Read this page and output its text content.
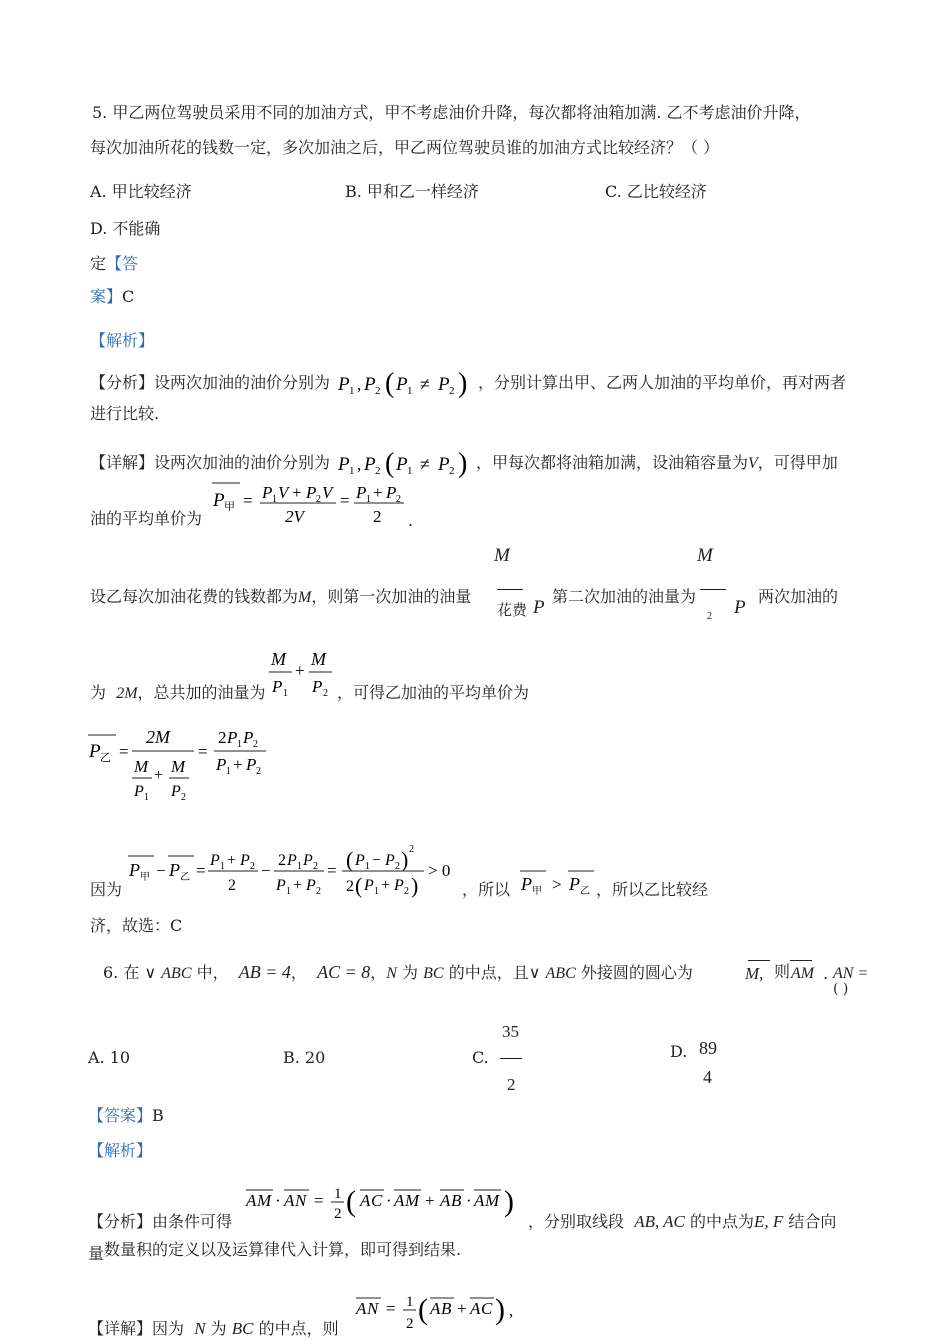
5. 甲乙两位驾驶员采用不同的加油方式，甲不考虑油价升降，每次都将油箱加满. 乙不考虑油价升降，
每次加油所花的钱数一定，多次加油之后，甲乙两位驾驶员谁的加油方式比较经济？（ ）
A. 甲比较经济	B. 甲和乙一样经济	C. 乙比较经济
D. 不能确
定【答
案】C
【解析】
【分析】设两次加油的油价分别为 P 1 , P 2 ( P 1 ≠ P 2 ) ，分别计算出甲、乙两人加油的平均单价，再对两者
进行比较.
【详解】设两次加油的油价分别为 P 1 , P 2 ( P 1 ≠ P 2 ) ，甲每次都将油箱加满，设油箱容量为V，可得甲加
油的平均单价为
P 甲 = P 1 V + P 2 V
2V
= P 1 + P 2
2 .
M	M
设乙每次加油花费的钱数都为M，则第一次加油的油量
花费 P
第二次加油的油量为
2 P
两次加油的
为 2M，总共加的油量为
M
P 1
+
M
P 2 ，可得乙加油的平均单价为
P 乙 =
2M
M
P 1
+ M
P 2
=
2 P 1 P 2
P 1 + P 2
因为
P 甲 − P 乙 =
P 1 + P 2
2
−
2 P 1 P 2
P 1 + P 2
= ( P 1 − P 2 ) 2
2 ( P 1 + P 2 )
> 0
，所以 P 甲 > P 乙 ，所以乙比较经
济，故选：C
6. 在 ∨ ABC 中， AB = 4， AC = 8，N 为 BC 的中点，且∨ ABC 外接圆的圆心为	M, 则 AM . AN =
( )
A. 10	B. 20	C.
35
2
D. 89
4
【答案】B
【解析】
A M · A N = 1
2 ( A C · A M + A B · A M )
【分析】由条件可得	，分别取线段 AB, AC 的中点为E, F 结合向
量数量积的定义以及运算律代入计算，即可得到结果.
A N = 1
2 ( A B + A C ) ,
【详解】因为 N 为 BC 的中点，则
